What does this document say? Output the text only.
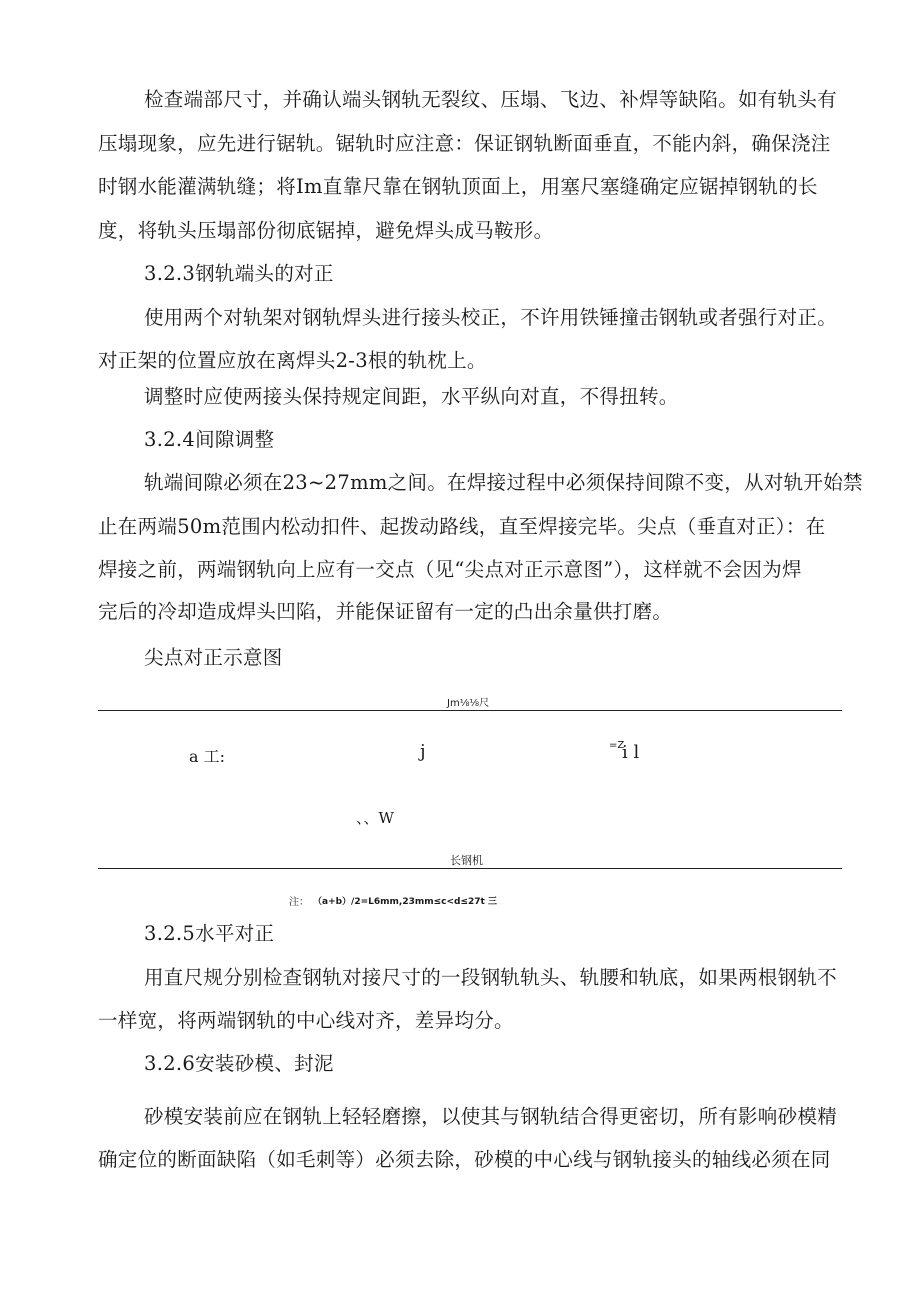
检查端部尺寸，并确认端头钢轨无裂纹、压塌、飞边、补焊等缺陷。如有轨头有
压塌现象，应先进行锯轨。锯轨时应注意：保证钢轨断面垂直，不能内斜，确保浇注
时钢水能灌满轨缝；将Im直靠尺靠在钢轨顶面上，用塞尺塞缝确定应锯掉钢轨的长
度，将轨头压塌部份彻底锯掉，避免焊头成马鞍形。
3.2.3钢轨端头的对正
使用两个对轨架对钢轨焊头进行接头校正，不许用铁锤撞击钢轨或者强行对正。
对正架的位置应放在离焊头2-3根的轨枕上。
调整时应使两接头保持规定间距，水平纵向对直，不得扭转。
3.2.4间隙调整
轨端间隙必须在23~27mm之间。在焊接过程中必须保持间隙不变，从对轨开始禁
止在两端50m范围内松动扣件、起拨动路线，直至焊接完毕。尖点（垂直对正）：在
焊接之前，两端钢轨向上应有一交点（见“尖点对正示意图”），这样就不会因为焊
完后的冷却造成焊头凹陷，并能保证留有一定的凸出余量供打磨。
尖点对正示意图
Jm⅛⅛尺
a 工:	j	=Z
i l
、、W
长钢机
注： （a+b）/2=L6mm,23mm≤c<d≤27t 三
3.2.5水平对正
用直尺规分别检查钢轨对接尺寸的一段钢轨轨头、轨腰和轨底，如果两根钢轨不
一样宽，将两端钢轨的中心线对齐，差异均分。
3.2.6安装砂模、封泥
砂模安装前应在钢轨上轻轻磨擦，以使其与钢轨结合得更密切，所有影响砂模精
确定位的断面缺陷（如毛刺等）必须去除，砂模的中心线与钢轨接头的轴线必须在同
